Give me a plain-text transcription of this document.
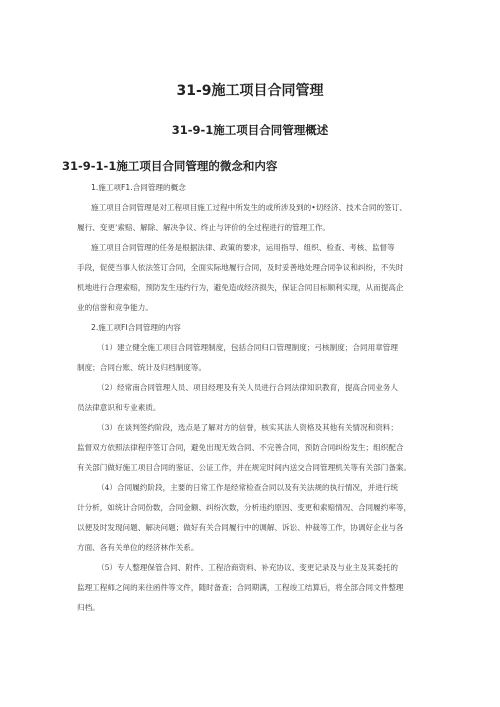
31-9施工项目合同管理
31-9-1施工项目合同管理概述
31-9-1-1施工项目合同管理的微念和内容
1.施工项F1.合同管理的概念
施工项目合同管理是对工程项目施工过程中所发生的或所涉及到的•切经济、技术合同的签订、
履行、变更’索赔、解除、解决争议、终止与评价的全过程进行的管理工作。
施工项目合同管理的任务是根据法律、政策的要求，运用指导、组织、检查、考核、监督等
手段，促使当事人依法签订合同，全面实际地履行合同，及时妥善地处理合同争议和纠纷，不失时
机地进行合理索赔，预防发生违约行为，避免造成经济损失，保证合同目标顺利实现，从而提高企
业的信誉和竞争能力。
2.施工项FI合同管理的内容
（1）建立健全施工项目合同管理制度，包括合同归口管理制度；弓核制度；合同用章管理
制度；合同台账、统计及归档制度等。
（2）经常南合同管理人员、项目经理及有关人员进行合同法律知识教育，提高合同业务人
员法律意识和专业素质。
（3）在谈判签约阶段，选点是了解对方的信誉，核实其法人资格及其他有关情况和资料；
监督双方依照法律程序签订合同，避免出现无效合同、不完善合同，预防合同纠纷发生；组织配合
有关部门做好施工项目合同的鉴证、公证工作，并在规定时间内送交合同管理机关等有关部门备案。
（4）合同履约阶段，主要的日常工作是经常检查合同以及有关法规的执行情况，并进行统
计分析，如统计合同份数，合同金额、纠纷次数，分析违约原因、变更和索赔情况、合同履约率等，
以便及时发现问题、解决问题；做好有关合同履行中的调解、诉讼、仲裁等工作，协调好企业与各
方面、各有关单位的经济林作关系。
（5）专人整理保管合同、附件、工程洽商资料、补充协议、变更记录及与业主及其委托的
监理工程师之间的来往函件等文件，随时备查；合同期满，工程竣工结算后，将全部合同文件整理
归档。
